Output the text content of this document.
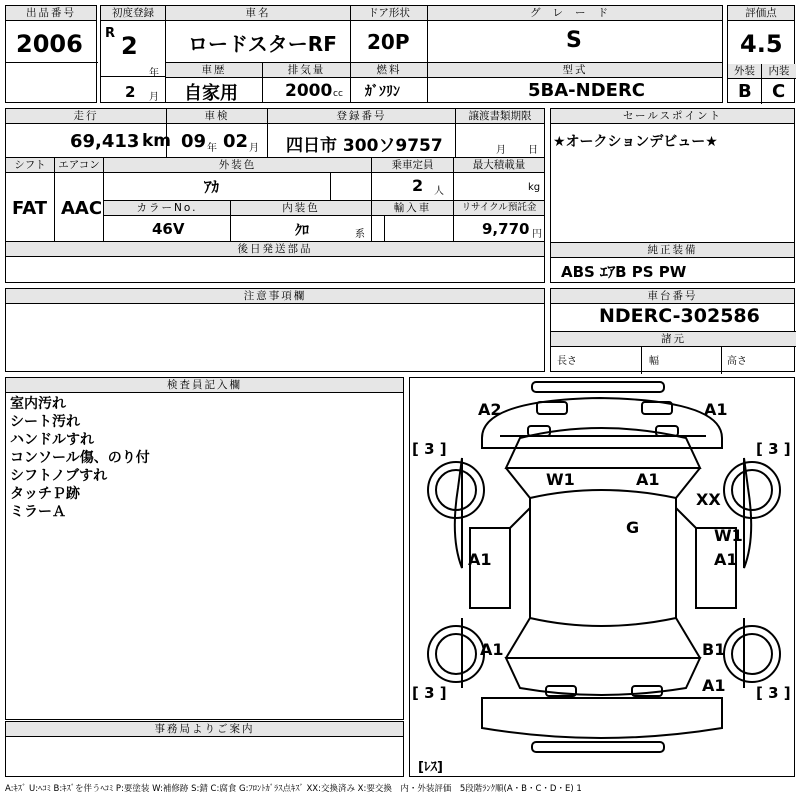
出品番号
2006
初度登録
R 2
年
2 月
車名
ロードスターRF
ドア形状
20P
グレード
S
評価点
4.5
外装	内装
B C
車歴
自家用
排気量
2000 cc
燃料
ｶﾞｿﾘﾝ
型式
5BA-NDERC
走行
69,413 km
車検
09 年 02 月
登録番号
四日市 300ソ9757
譲渡書類期限
月 日
シフト
FAT
エアコン
AAC
外装色
ｱｶ
乗車定員
2 人
最大積載量
kg
カラーNo.
46V
内装色
ｸﾛ	系
輸入車	リサイクル預託金
9,770 円
後日発送部品
セールスポイント
★オークションデビュー★
純正装備
ABS ｴｱB PS PW
注意事項欄	車台番号
NDERC-302586
諸元
長さ	幅	高さ
検査員記入欄
室内汚れ
シート汚れ
ハンドルすれ
コンソール傷、のり付
シフトノブすれ
タッチＰ跡
ミラーＡ
事務局よりご案内
A2	A1
W1	A1
XX
G	W1
A1	A1
A1
A1
B1
[ 3 ]	[ 3 ]
[ 3 ]	[ 3 ]
[ﾚｽ]
A:ｷｽﾞ U:ﾍｺﾐ B:ｷｽﾞを伴うﾍｺﾐ P:要塗装 W:補修跡 S:錆 C:腐食 G:ﾌﾛﾝﾄｶﾞﾗｽ点ｷｽﾞ XX:交換済み X:要交換　内・外装評価　5段階ﾗﾝｸ順(A・B・C・D・E) 1
